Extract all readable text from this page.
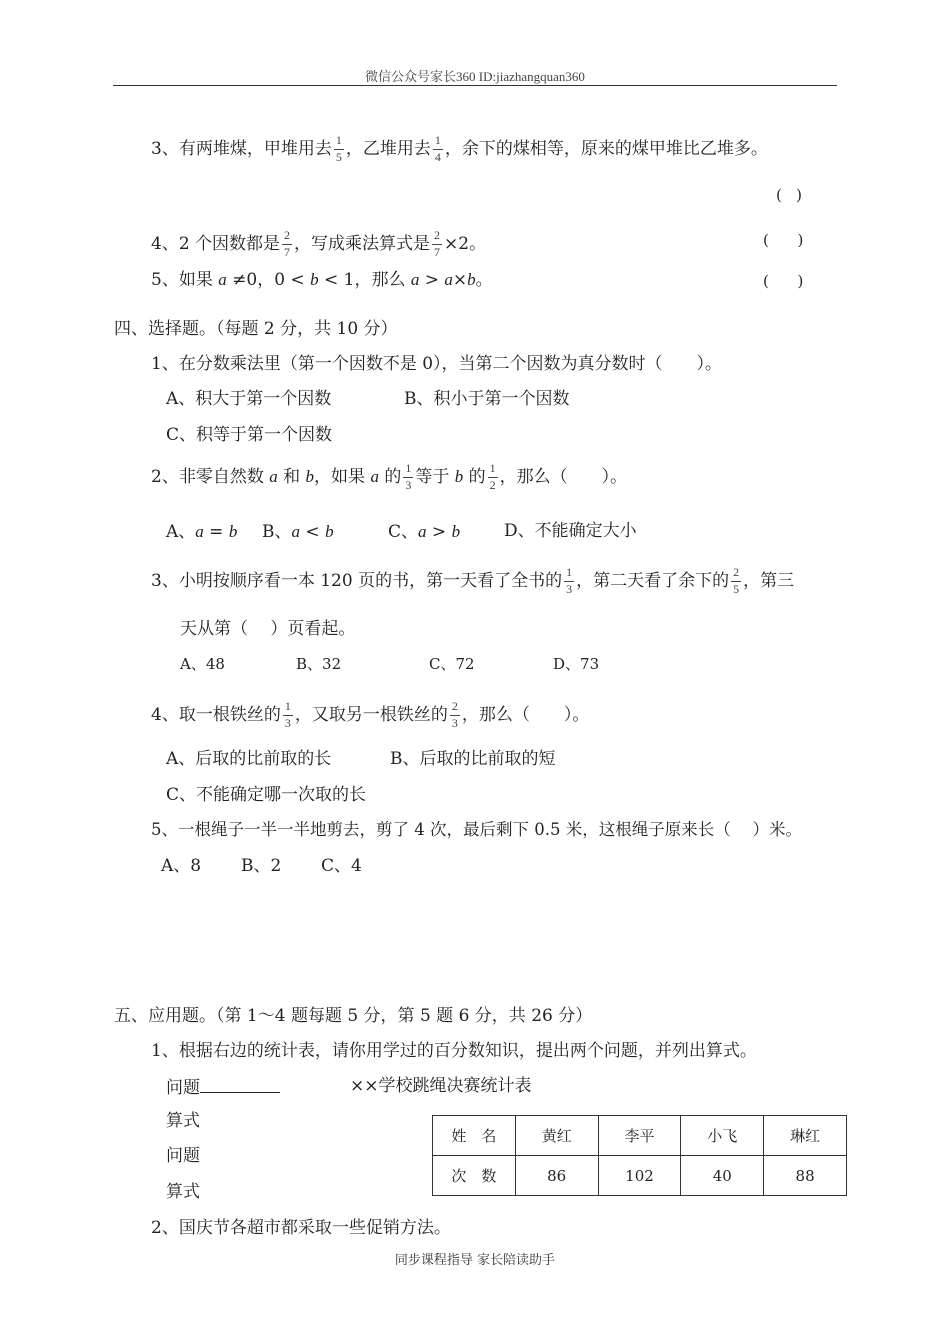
微信公众号家长360 ID:jiazhangquan360
3、有两堆煤，甲堆用去 $\frac{1}{5}$ ，乙堆用去 $\frac{1}{4}$ ，余下的煤相等，原来的煤甲堆比乙堆多。
(   )
4、2 个因数都是 $\frac{2}{7}$ ，写成乘法算式是 $\frac{2}{7} \times 2$。	(      )
5、如果 a ≠0，0 < b < 1，那么 a > a×b。	(      )
四、选择题。（每题 2 分，共 10 分）
1、在分数乘法里（第一个因数不是 0），当第二个因数为真分数时（　　）。
A、积大于第一个因数	B、积小于第一个因数
C、积等于第一个因数
2、非零自然数 a 和 b，如果 a 的 $\frac{1}{3}$ 等于 b 的 $\frac{1}{2}$ ，那么（　　）。
A、a = b B、a < b	C、a > b	D、不能确定大小
3、小明按顺序看一本 120 页的书，第一天看了全书的 $\frac{1}{3}$ ，第二天看了余下的 $\frac{2}{5}$ ，第三
天从第（　 ）页看起。
A、48	B、32	C、72	D、73
4、取一根铁丝的 $\frac{1}{3}$ ，又取另一根铁丝的 $\frac{2}{3}$ ，那么（　　）。
A、后取的比前取的长	B、后取的比前取的短
C、不能确定哪一次取的长
5、一根绳子一半一半地剪去，剪了 4 次，最后剩下 0.5 米，这根绳子原来长（　 ）米。
A、8 B、2 C、4
五、应用题。（第 1～4 题每题 5 分，第 5 题 6 分，共 26 分）
1、根据右边的统计表，请你用学过的百分数知识，提出两个问题，并列出算式。
问题	××学校跳绳决赛统计表
算式
问题
算式
姓　名	黄红	李平	小飞	琳红
次　数	86	102	40	88
2、国庆节各超市都采取一些促销方法。
同步课程指导 家长陪读助手
